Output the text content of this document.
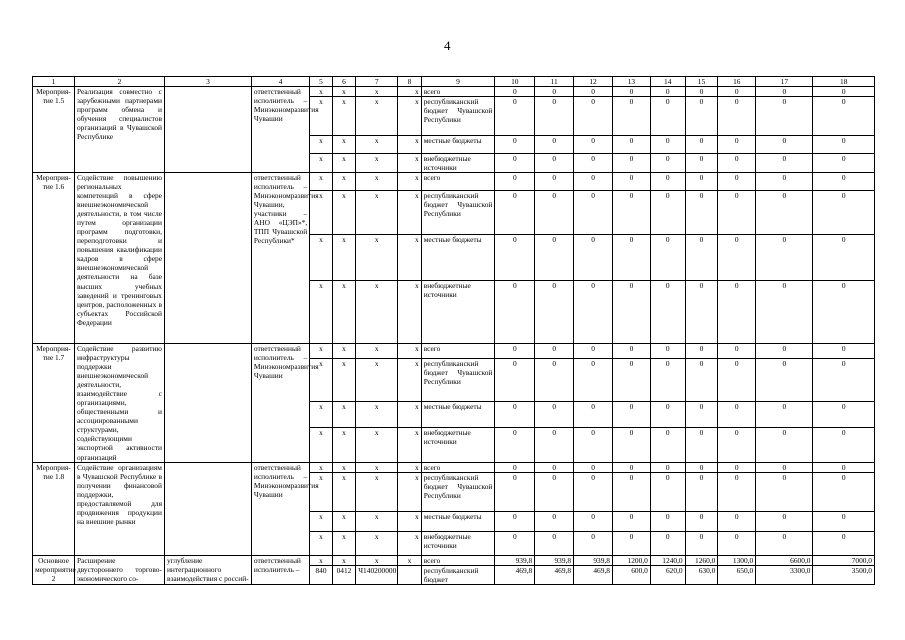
4
1	2	3	4	5	6	7	8	9	10	11	12	13	14	15	16	17	18
Мероприя-тие 1.5	Реализация совместно с зарубежными партнерами программ обмена и обучения специалистов организаций в Чувашской Республике		ответственный исполнитель – Минэкономразвития Чувашии	x	x	x	x	всего	0	0	0	0	0	0	0	0	0
				x	x	x	x	республиканский бюджет Чувашской Республики	0	0	0	0	0	0	0	0	0
				x	x	x	x	местные бюджеты	0	0	0	0	0	0	0	0	0
				x	x	x	x	внебюджетные источники	0	0	0	0	0	0	0	0	0
Мероприя-тие 1.6	Содействие повышению региональных компетенций в сфере внешнеэкономической деятельности, в том числе путем организации программ подготовки, переподготовки и повышения квалификации кадров в сфере внешнеэкономической деятельности на базе высших учебных заведений и тренинговых центров, расположенных в субъектах Российской Федерации		ответственный исполнитель – Минэкономразвития Чувашии, участники – АНО «ЦЭП»*, ТПП Чувашской Республики*	x	x	x	x	всего	0	0	0	0	0	0	0	0	0
				x	x	x	x	республиканский бюджет Чувашской Республики	0	0	0	0	0	0	0	0	0
				x	x	x	x	местные бюджеты	0	0	0	0	0	0	0	0	0
				x	x	x	x	внебюджетные источники	0	0	0	0	0	0	0	0	0
Мероприя-тие 1.7	Содействие развитию инфраструктуры поддержки внешнеэкономической деятельности, взаимодействие с организациями, общественными и ассоциированными структурами, содействующими экспортной активности организаций		ответственный исполнитель – Минэкономразвития Чувашии	x	x	x	x	всего	0	0	0	0	0	0	0	0	0
				x	x	x	x	республиканский бюджет Чувашской Республики	0	0	0	0	0	0	0	0	0
				x	x	x	x	местные бюджеты	0	0	0	0	0	0	0	0	0
				x	x	x	x	внебюджетные источники	0	0	0	0	0	0	0	0	0
Мероприя-тие 1.8	Содействие организациям в Чувашской Республике в получении финансовой поддержки, предоставляемой для продвижения продукции на внешние рынки		ответственный исполнитель – Минэкономразвития Чувашии	x	x	x	x	всего	0	0	0	0	0	0	0	0	0
				x	x	x	x	республиканский бюджет Чувашской Республики	0	0	0	0	0	0	0	0	0
				x	x	x	x	местные бюджеты	0	0	0	0	0	0	0	0	0
				x	x	x	x	внебюджетные источники	0	0	0	0	0	0	0	0	0
Основное мероприятие 2	Расширение двустороннего торгово-экономического со-	углубление интеграционного взаимодействия с россий-	ответственный исполнитель –	x	x	x	x	всего	939,8	939,8	939,8	1200,0	1240,0	1260,0	1300,0	6600,0	7000,0
				840	0412	Ч140200000		республиканский бюджет	469,8	469,8	469,8	600,0	620,0	630,0	650,0	3300,0	3500,0
